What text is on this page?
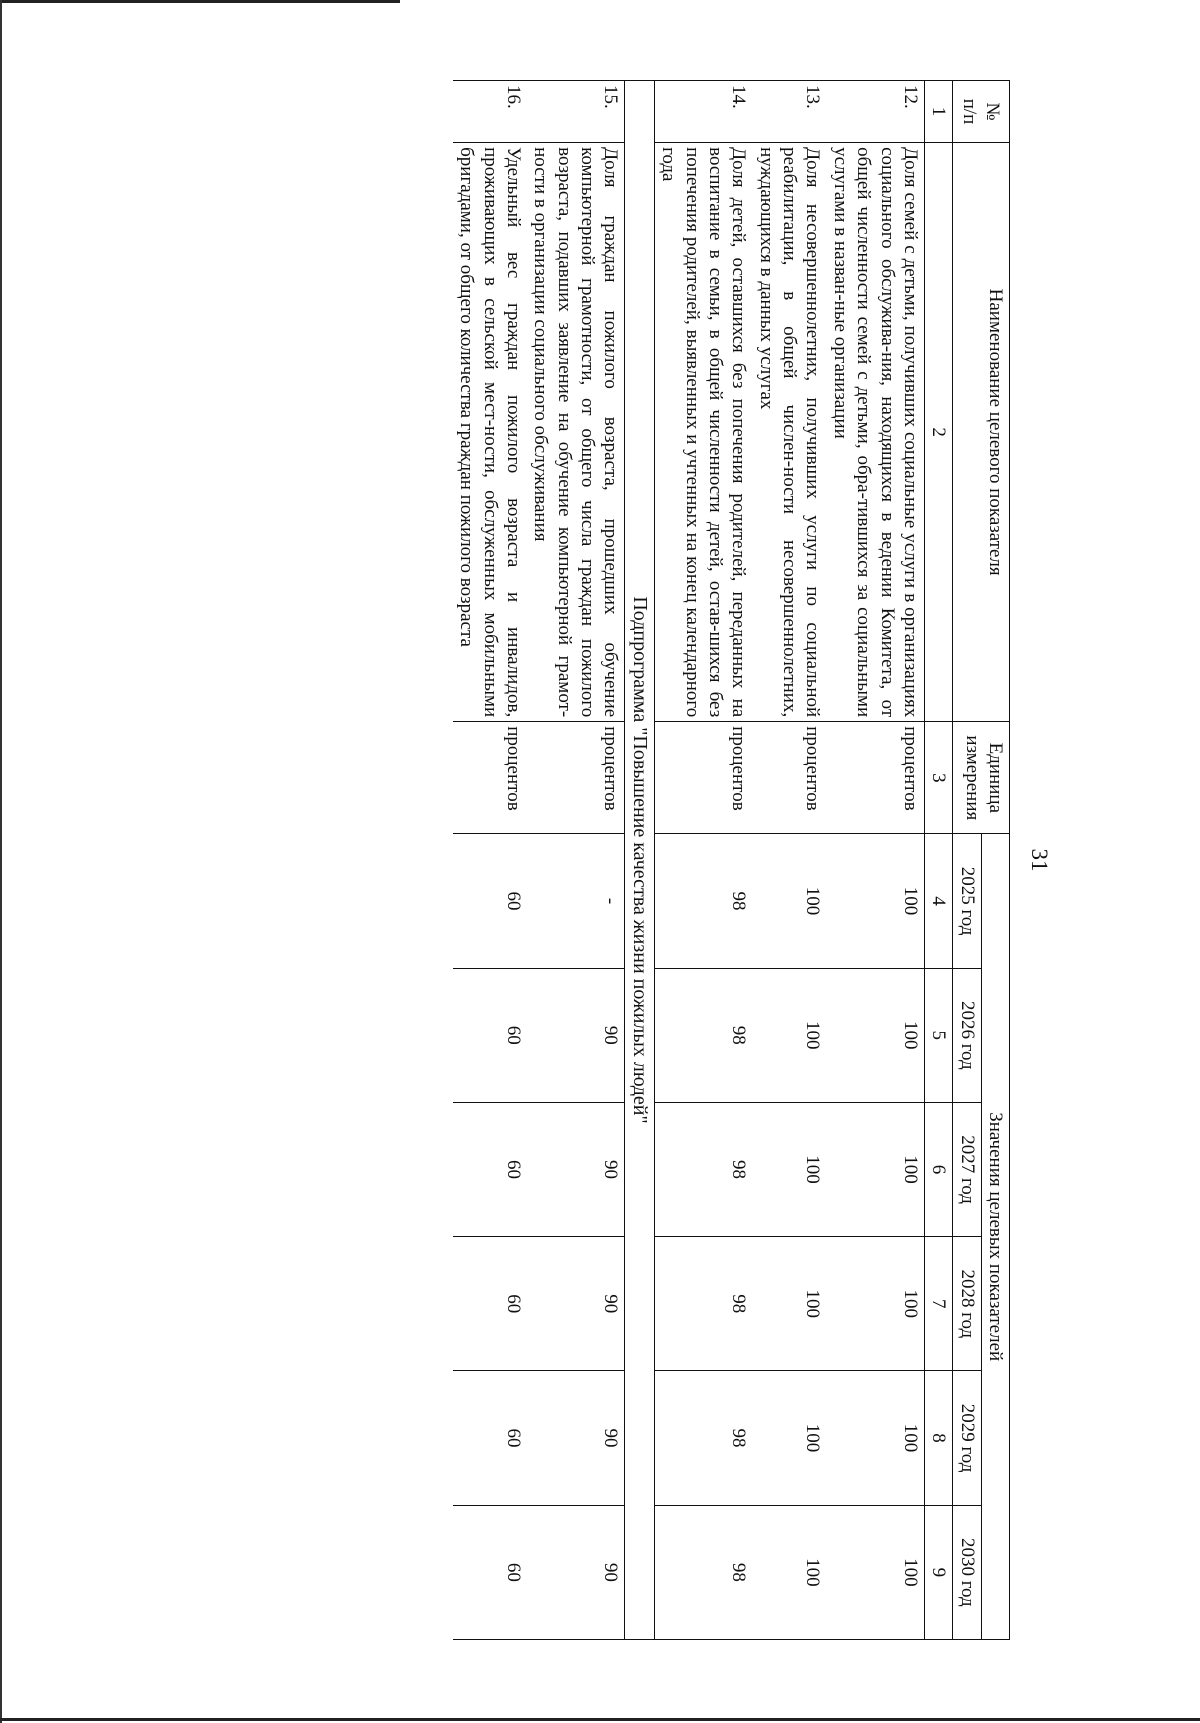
31
№
п/п	Наименование целевого показателя	Единица измерения	Значения целевых показателей					
			2025 год	2026 год	2027 год	2028 год	2029 год	2030 год
1	2	3	4	5	6	7	8	9
12.	Доля семей с детьми, получивших социальные услуги в организациях социального обслужива-ния, находящихся в ведении Комитета, от общей численности семей с детьми, обра-тившихся за социальными услугами в назван-ные организации	процентов	100	100	100	100	100	100
13.	Доля несовершеннолетних, получивших услуги по социальной реабилитации, в общей числен-ности несовершеннолетних, нуждающихся в данных услугах	процентов	100	100	100	100	100	100
14.	Доля детей, оставшихся без попечения родителей, переданных на воспитание в семьи, в общей численности детей, остав-шихся без попечения родителей, выявленных и учтенных на конец календарного года	процентов	98	98	98	98	98	98
Подпрограмма "Повышение качества жизни пожилых людей"								
15.	Доля граждан пожилого возраста, прошедших обучение компьютерной грамотности, от общего числа граждан пожилого возраста, подавших заявление на обучение компьютерной грамот-ности в организации социального обслуживания	процентов	-	90	90	90	90	90
16.	Удельный вес граждан пожилого возраста и инвалидов, проживающих в сельской мест-ности, обслуженных мобильными бригадами, от общего количества граждан пожилого возраста	процентов	60	60	60	60	60	60
